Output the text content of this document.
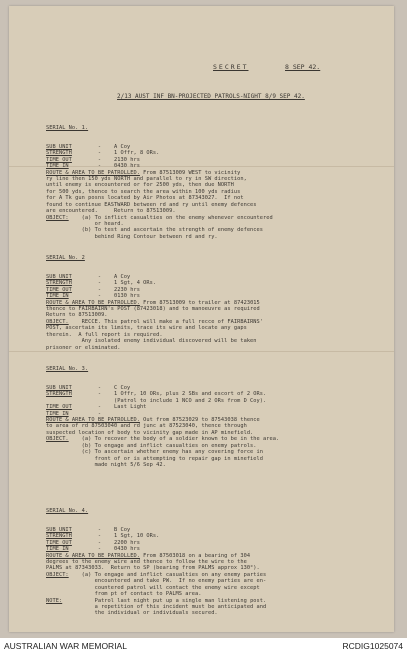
SECRET	8 SEP 42.
2/13 AUST INF BN-PROJECTED PATROLS-NIGHT 8/9 SEP 42.

SERIAL No. 1.

SUB UNIT        -    A Coy
STRENGTH        -    1 Offr, 8 ORs.
TIME OUT        -    2130 hrs
TIME IN         -    0430 hrs
ROUTE & AREA TO BE PATROLLED. From 87513009 WEST to vicinity
ry line then 150 yds NORTH and parallel to ry in SW direction,
until enemy is encountered or for 2500 yds, then due NORTH
for 500 yds, thence to search the area within 100 yds radius
for A Tk gun posns located by Air Photos at 87343027.  If not
found to continue EASTWARD between rd and ry until enemy defences
are encountered.     Return to 87513009.
OBJECT:    (a) To inflict casualties on the enemy whenever encountered
or heard.
(b) To test and ascertain the strength of enemy defences
behind Ring Contour between rd and ry.

SERIAL No. 2

SUB UNIT        -    A Coy
STRENGTH        -    1 Sgt, 4 ORs.
TIME OUT        -    2230 hrs
TIME IN         -    0130 hrs
ROUTE & AREA TO BE PATROLLED. From 87513009 to trailer at 87423015
thence to FAIRBAIRN's POST (87423018) and to manoeuvre as required
Return to 87513009.
OBJECT.    RECCE. This patrol will make a full recce of FAIRBAIRNS'
POST, ascertain its limits, trace its wire and locate any gaps
therein.  A full report is required.
Any isolated enemy individual discovered will be taken
prisoner or eliminated.

SERIAL No. 3.

SUB UNIT        -    C Coy
STRENGTH        -    1 Offr, 10 ORs, plus 2 SBs and escort of 2 ORs.
(Patrol to include 1 NCO and 2 ORs from D Coy).
TIME OUT        -    Last Light
TIME IN         -
ROUTE & AREA TO BE PATROLLED. Out from 87523029 to 87543038 thence
to area of rd 87503040 and rd junc at 87523040, thence through
suspected location of body to vicinity gap made in AP minefield.
OBJECT.    (a) To recover the body of a soldier known to be in the area.
(b) To engage and inflict casualties on enemy patrols.
(c) To ascertain whether enemy has any covering force in
front of or is attempting to repair gap in minefield
made night 5/6 Sep 42.

SERIAL No. 4.

SUB UNIT        -    B Coy
STRENGTH        -    1 Sgt, 10 ORs.
TIME OUT        -    2200 hrs
TIME IN         -    0430 hrs
ROUTE & AREA TO BE PATROLLED. From 87503018 on a bearing of 304
degrees to the enemy wire and thence to follow the wire to the
PALMS at 87343033.  Return to SP (bearing from PALMS approx 130°).
OBJECT:    (a) To engage and inflict casualties on any enemy parties
encountered and take PW.  If no enemy parties are en-
countered patrol will contact the enemy wire except
from pt of contact to PALMS area.
NOTE:          Patrol last night put up a single man listening post.
a repetition of this incident must be anticipated and
the individual or individuals secured.

AUSTRALIAN WAR MEMORIAL	RCDIG1025074
